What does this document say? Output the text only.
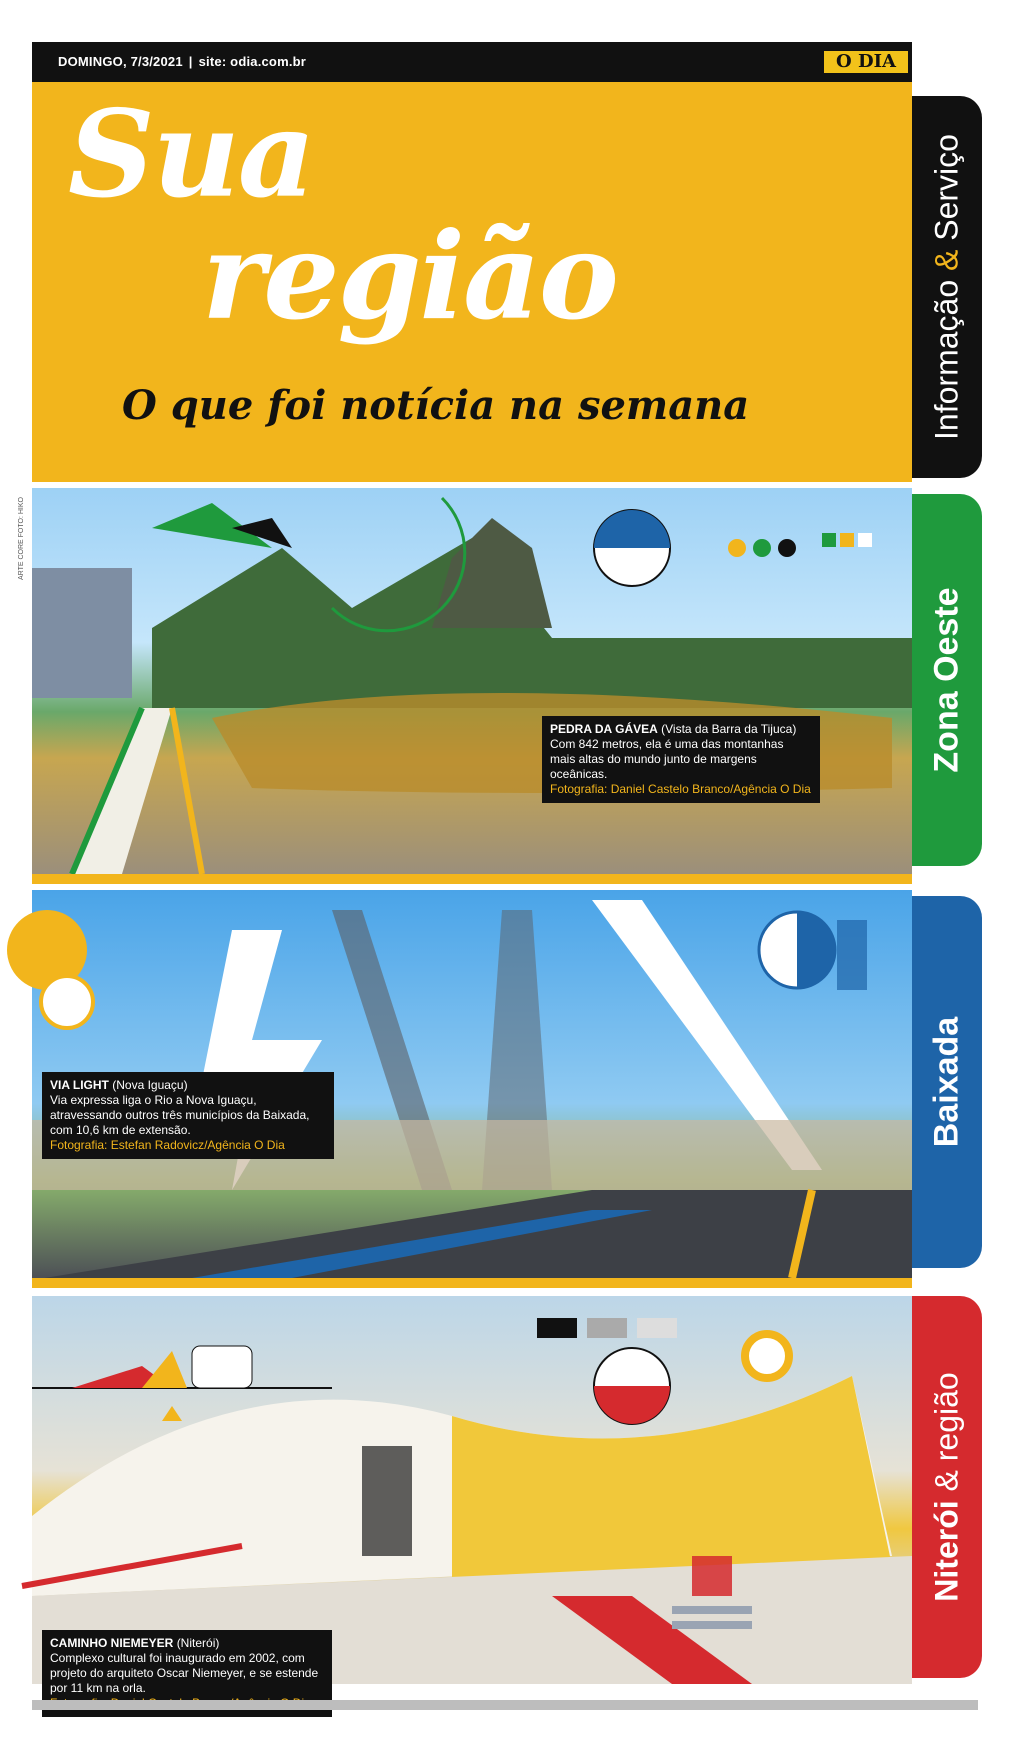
DOMINGO, 7/3/2021 | site: odia.com.br	O DIA
Sua
região
O que foi notícia na semana
ARTE CORE FOTO: HIKO
Informação & Serviço
Zona Oeste
Baixada
Niterói & região
PEDRA DA GÁVEA (Vista da Barra da Tijuca)
Com 842 metros, ela é uma das montanhas mais altas do mundo junto de margens oceânicas.
Fotografia: Daniel Castelo Branco/Agência O Dia
VIA LIGHT (Nova Iguaçu)
Via expressa liga o Rio a Nova Iguaçu, atravessando outros três municípios da Baixada, com 10,6 km de extensão.
Fotografia: Estefan Radovicz/Agência O Dia
CAMINHO NIEMEYER (Niterói)
Complexo cultural foi inaugurado em 2002, com projeto do arquiteto Oscar Niemeyer, e se estende por 11 km na orla.
